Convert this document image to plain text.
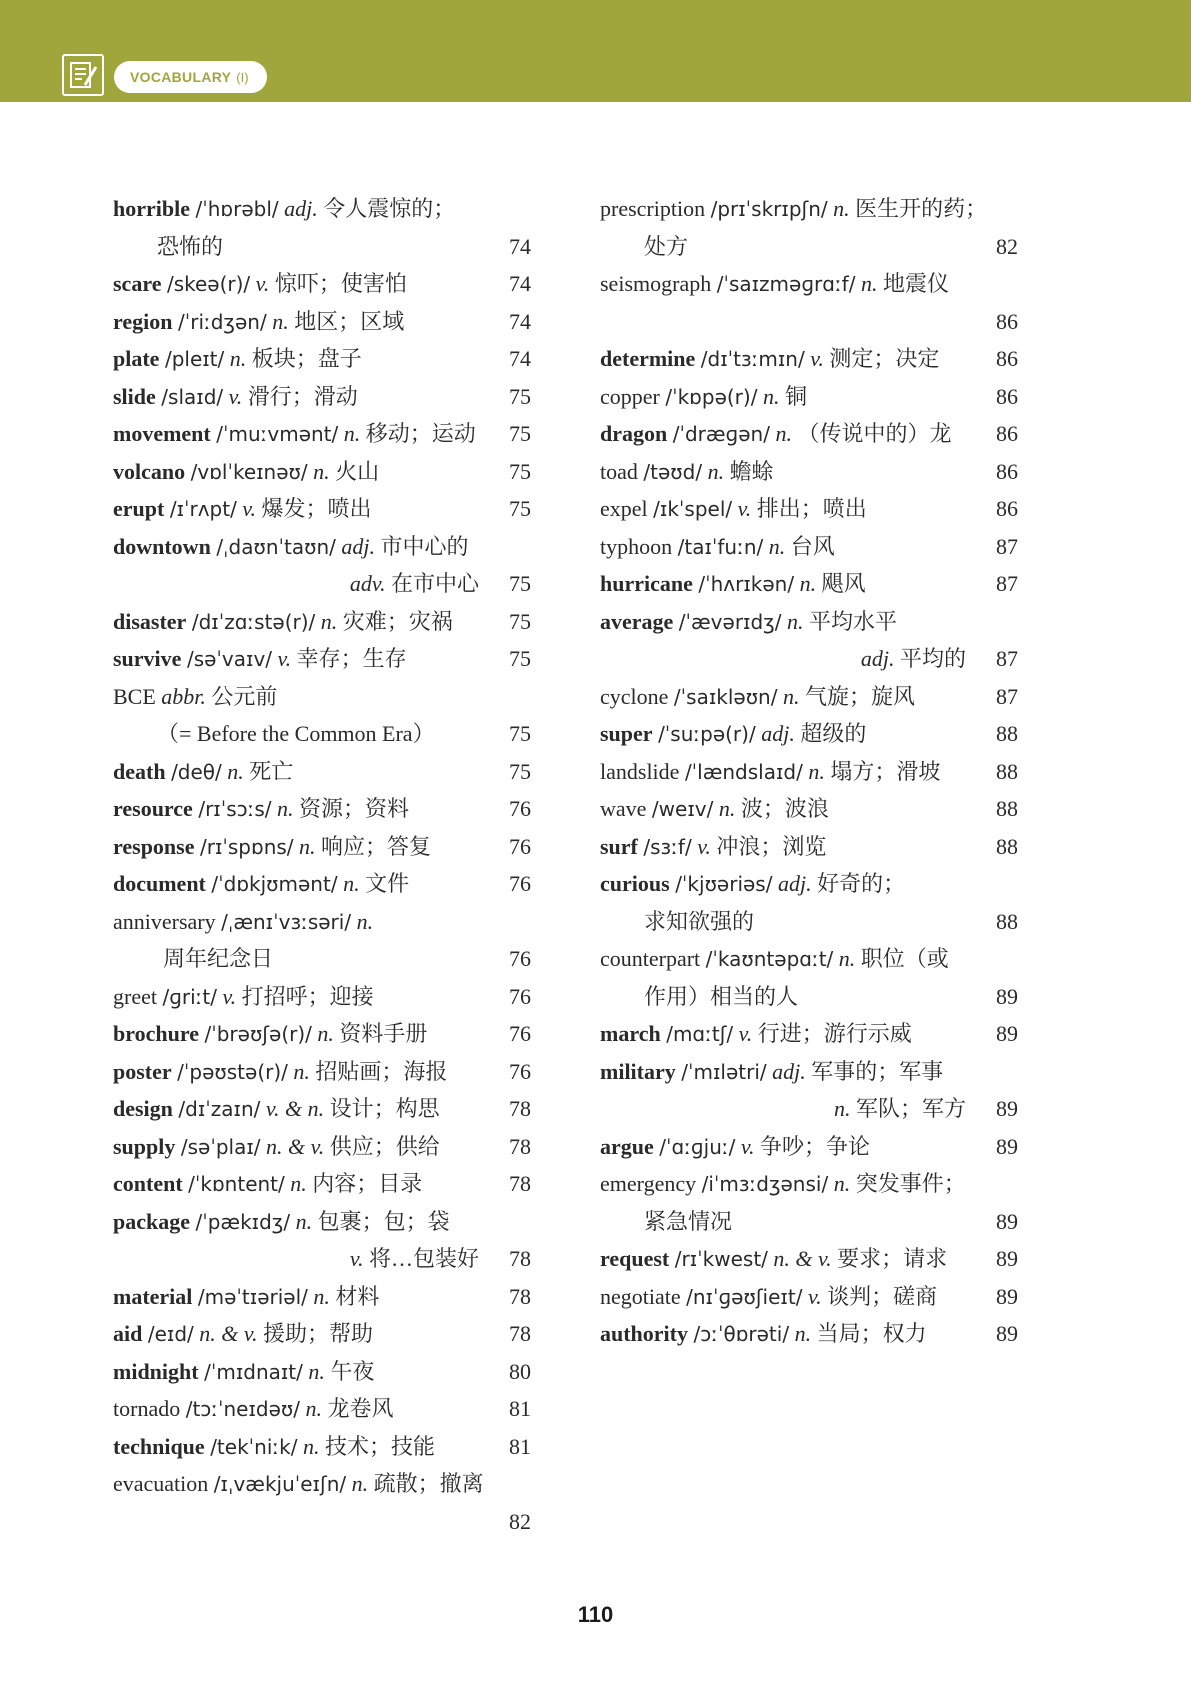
VOCABULARY (I)
horrible /ˈhɒrəbl/ adj. 令人震惊的；
恐怖的	74
scare /skeə(r)/ v. 惊吓；使害怕	74
region /ˈriːdʒən/ n. 地区；区域	74
plate /pleɪt/ n. 板块；盘子	74
slide /slaɪd/ v. 滑行；滑动	75
movement /ˈmuːvmənt/ n. 移动；运动 75
volcano /vɒlˈkeɪnəʊ/ n. 火山	75
erupt /ɪˈrʌpt/ v. 爆发；喷出	75
downtown /ˌdaʊnˈtaʊn/ adj. 市中心的
adv. 在市中心 75
disaster /dɪˈzɑːstə(r)/ n. 灾难；灾祸	75
survive /səˈvaɪv/ v. 幸存；生存	75
BCE abbr. 公元前
（= Before the Common Era）	75
death /deθ/ n. 死亡	75
resource /rɪˈsɔːs/ n. 资源；资料	76
response /rɪˈspɒns/ n. 响应；答复	76
document /ˈdɒkjʊmənt/ n. 文件	76
anniversary /ˌænɪˈvɜːsəri/ n.
周年纪念日	76
greet /ɡriːt/ v. 打招呼；迎接	76
brochure /ˈbrəʊʃə(r)/ n. 资料手册	76
poster /ˈpəʊstə(r)/ n. 招贴画；海报	76
design /dɪˈzaɪn/ v. & n. 设计；构思	78
supply /səˈplaɪ/ n. & v. 供应；供给	78
content /ˈkɒntent/ n. 内容；目录	78
package /ˈpækɪdʒ/ n. 包裹；包；袋
v. 将…包装好 78
material /məˈtɪəriəl/ n. 材料	78
aid /eɪd/ n. & v. 援助；帮助	78
midnight /ˈmɪdnaɪt/ n. 午夜	80
tornado /tɔːˈneɪdəʊ/ n. 龙卷风	81
technique /tekˈniːk/ n. 技术；技能	81
evacuation /ɪˌvækjuˈeɪʃn/ n. 疏散；撤离
82
prescription /prɪˈskrɪpʃn/ n. 医生开的药；
处方	82
seismograph /ˈsaɪzməɡrɑːf/ n. 地震仪
86
determine /dɪˈtɜːmɪn/ v. 测定；决定	86
copper /ˈkɒpə(r)/ n. 铜	86
dragon /ˈdræɡən/ n. （传说中的）龙 86
toad /təʊd/ n. 蟾蜍	86
expel /ɪkˈspel/ v. 排出；喷出	86
typhoon /taɪˈfuːn/ n. 台风	87
hurricane /ˈhʌrɪkən/ n. 飓风	87
average /ˈævərɪdʒ/ n. 平均水平
adj. 平均的 87
cyclone /ˈsaɪkləʊn/ n. 气旋；旋风	87
super /ˈsuːpə(r)/ adj. 超级的	88
landslide /ˈlændslaɪd/ n. 塌方；滑坡	88
wave /weɪv/ n. 波；波浪	88
surf /sɜːf/ v. 冲浪；浏览	88
curious /ˈkjʊəriəs/ adj. 好奇的；
求知欲强的	88
counterpart /ˈkaʊntəpɑːt/ n. 职位（或
作用）相当的人	89
march /mɑːtʃ/ v. 行进；游行示威	89
military /ˈmɪlətri/ adj. 军事的；军事
n. 军队；军方 89
argue /ˈɑːɡjuː/ v. 争吵；争论	89
emergency /iˈmɜːdʒənsi/ n. 突发事件；
紧急情况	89
request /rɪˈkwest/ n. & v. 要求；请求 89
negotiate /nɪˈɡəʊʃieɪt/ v. 谈判；磋商	89
authority /ɔːˈθɒrəti/ n. 当局；权力	89
110
